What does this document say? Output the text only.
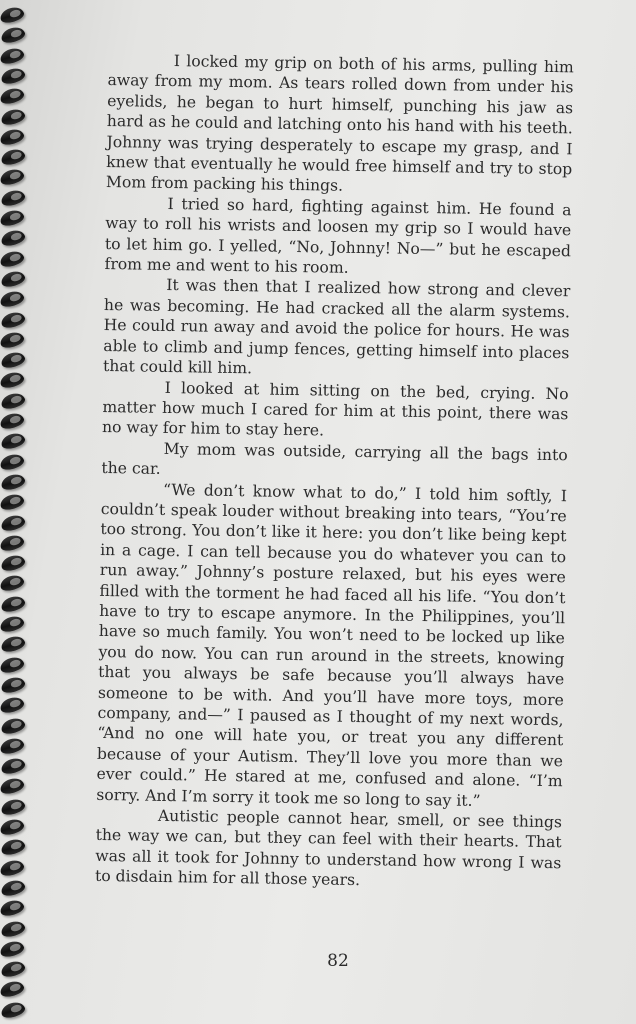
I locked my grip on both of his arms, pulling him away from my mom. As tears rolled down from under his eyelids, he began to hurt himself, punching his jaw as hard as he could and latching onto his hand with his teeth. Johnny was trying desperately to escape my grasp, and I knew that eventually he would free himself and try to stop Mom from packing his things.

I tried so hard, fighting against him. He found a way to roll his wrists and loosen my grip so I would have to let him go. I yelled, “No, Johnny! No—” but he escaped from me and went to his room.

It was then that I realized how strong and clever he was becoming. He had cracked all the alarm systems. He could run away and avoid the police for hours. He was able to climb and jump fences, getting himself into places that could kill him.

I looked at him sitting on the bed, crying. No matter how much I cared for him at this point, there was no way for him to stay here.

My mom was outside, carrying all the bags into the car.

“We don’t know what to do,” I told him softly, I couldn’t speak louder without breaking into tears, “You’re too strong. You don’t like it here: you don’t like being kept in a cage. I can tell because you do whatever you can to run away.” Johnny’s posture relaxed, but his eyes were filled with the torment he had faced all his life. “You don’t have to try to escape anymore. In the Philippines, you’ll have so much family. You won’t need to be locked up like you do now. You can run around in the streets, knowing that you always be safe because you’ll always have someone to be with. And you’ll have more toys, more company, and—” I paused as I thought of my next words, “And no one will hate you, or treat you any different because of your Autism. They’ll love you more than we ever could.” He stared at me, confused and alone. “I’m sorry. And I’m sorry it took me so long to say it.”

Autistic people cannot hear, smell, or see things the way we can, but they can feel with their hearts. That was all it took for Johnny to understand how wrong I was to disdain him for all those years.

82
